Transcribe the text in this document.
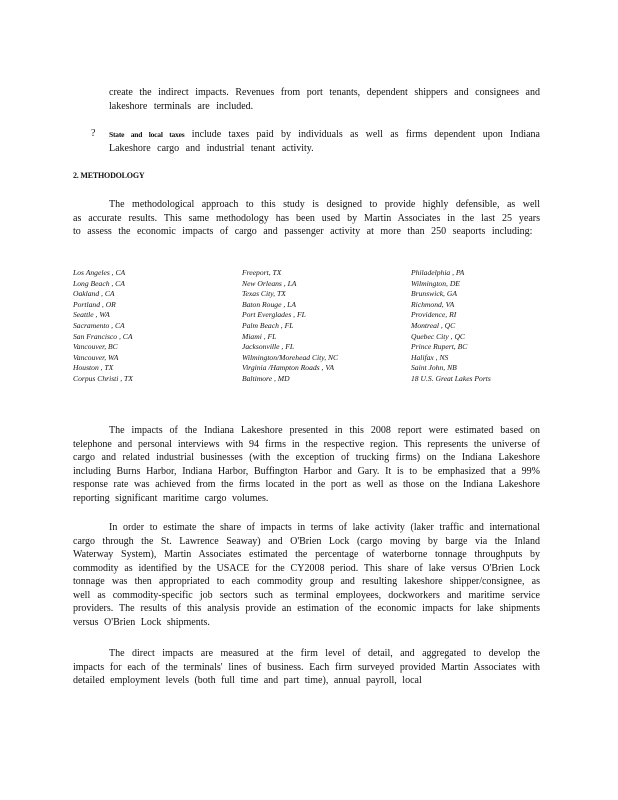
create the indirect impacts. Revenues from port tenants, dependent shippers and consignees and lakeshore terminals are included.

? State and local taxes include taxes paid by individuals as well as firms dependent upon Indiana Lakeshore cargo and industrial tenant activity.

2. METHODOLOGY

The methodological approach to this study is designed to provide highly defensible, as well as accurate results. This same methodology has been used by Martin Associates in the last 25 years to assess the economic impacts of cargo and passenger activity at more than 250 seaports including:

Los Angeles , CA
Long Beach , CA
Oakland , CA
Portland , OR
Seattle , WA
Sacramento , CA
San Francisco , CA
Vancouver, BC
Vancouver, WA
Houston , TX
Corpus Christi , TX
Freeport, TX
New Orleans , LA
Texas City, TX
Baton Rouge , LA
Port Everglades , FL
Palm Beach , FL
Miami , FL
Jacksonville , FL
Wilmington/Morehead City, NC
Virginia /Hampton Roads , VA
Baltimore , MD
Philadelphia , PA
Wilmington, DE
Brunswick, GA
Richmond, VA
Providence, RI
Montreal , QC
Quebec City , QC
Prince Rupert, BC
Halifax , NS
Saint John, NB
18 U.S. Great Lakes Ports

The impacts of the Indiana Lakeshore presented in this 2008 report were estimated based on telephone and personal interviews with 94 firms in the respective region. This represents the universe of cargo and related industrial businesses (with the exception of trucking firms) on the Indiana Lakeshore including Burns Harbor, Indiana Harbor, Buffington Harbor and Gary. It is to be emphasized that a 99% response rate was achieved from the firms located in the port as well as those on the Indiana Lakeshore reporting significant maritime cargo volumes.

In order to estimate the share of impacts in terms of lake activity (laker traffic and international cargo through the St. Lawrence Seaway) and O'Brien Lock (cargo moving by barge via the Inland Waterway System), Martin Associates estimated the percentage of waterborne tonnage throughputs by commodity as identified by the USACE for the CY2008 period. This share of lake versus O'Brien Lock tonnage was then appropriated to each commodity group and resulting lakeshore shipper/consignee, as well as commodity-specific job sectors such as terminal employees, dockworkers and maritime service providers. The results of this analysis provide an estimation of the economic impacts for lake shipments versus O'Brien Lock shipments.

The direct impacts are measured at the firm level of detail, and aggregated to develop the impacts for each of the terminals' lines of business. Each firm surveyed provided Martin Associates with detailed employment levels (both full time and part time), annual payroll, local
